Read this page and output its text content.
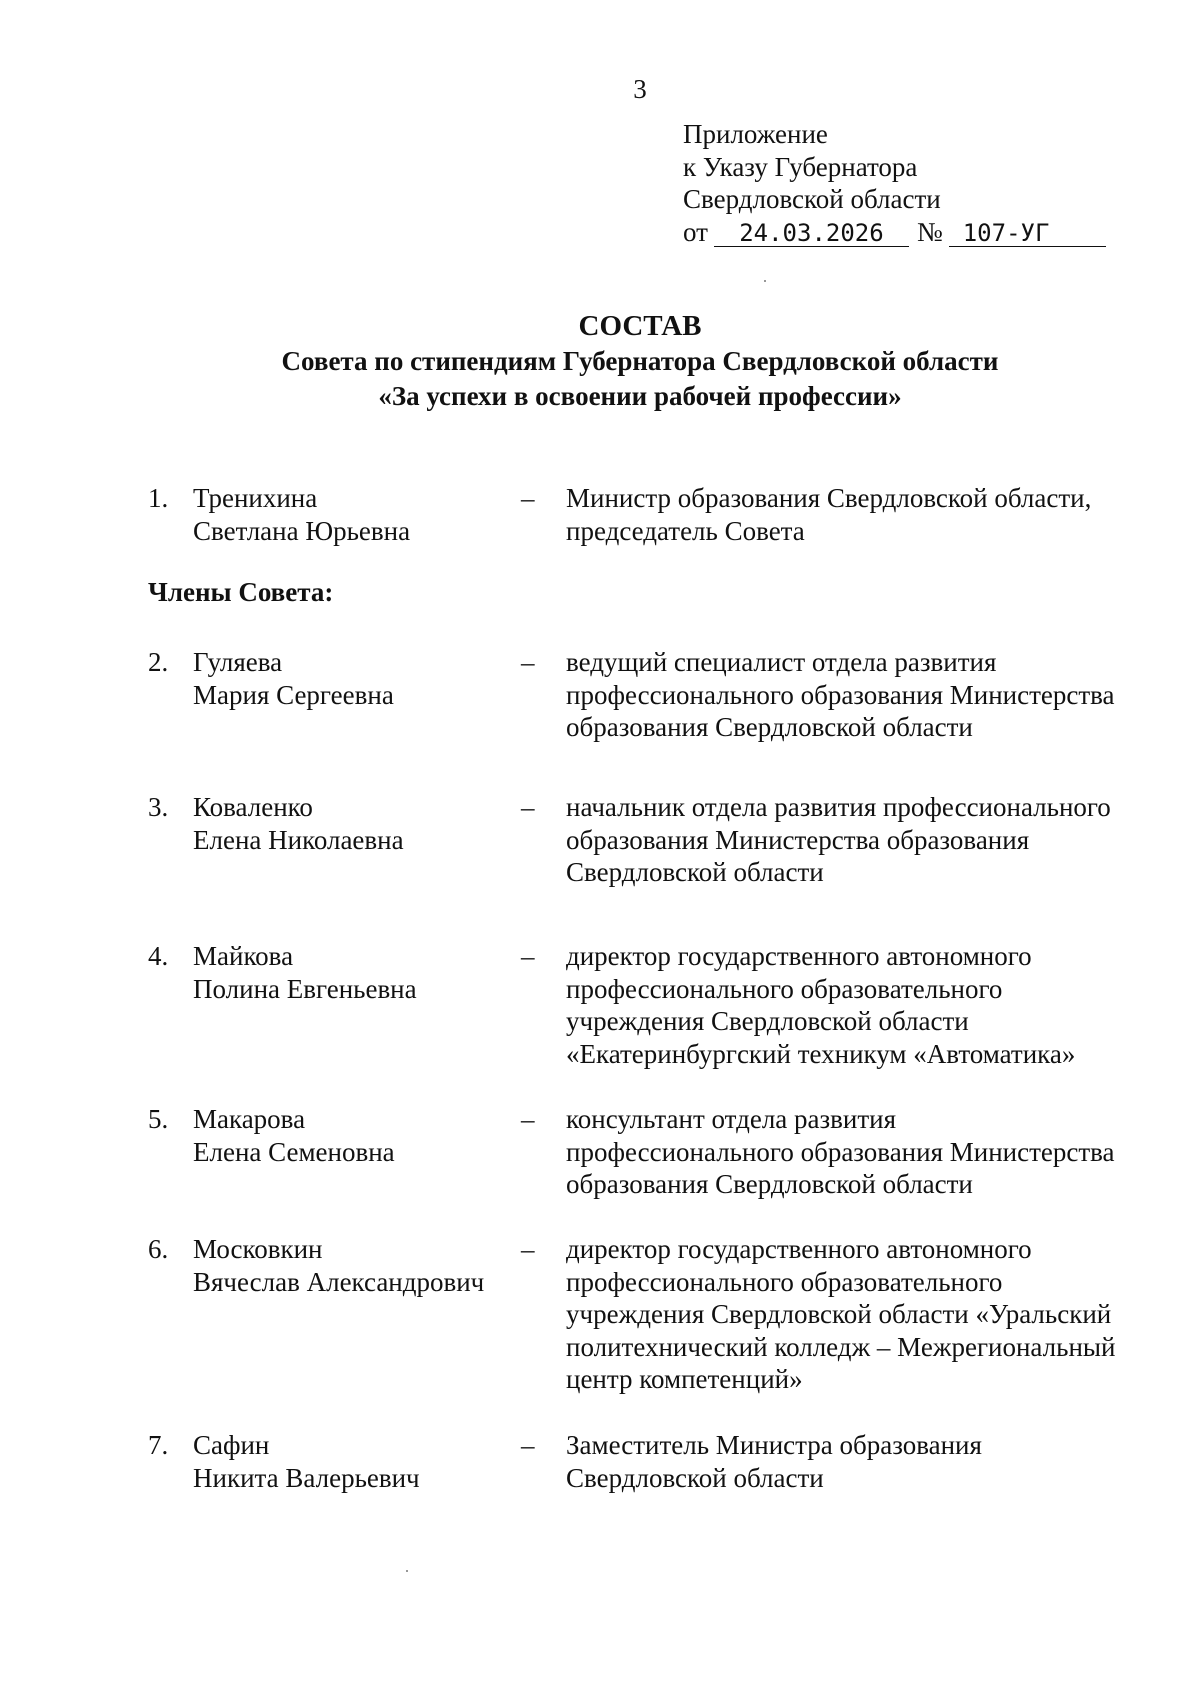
3
Приложение
к Указу Губернатора
Свердловской области
от 24.03.2026 № 107-УГ
СОСТАВ
Совета по стипендиям Губернатора Свердловской области
«За успехи в освоении рабочей профессии»
1. Тренихина
Светлана Юрьевна
– Министр образования Свердловской области,
председатель Совета
Члены Совета:
2. Гуляева
Мария Сергеевна
– ведущий специалист отдела развития
профессионального образования Министерства
образования Свердловской области
3. Коваленко
Елена Николаевна
– начальник отдела развития профессионального
образования Министерства образования
Свердловской области
4. Майкова
Полина Евгеньевна
– директор государственного автономного
профессионального образовательного
учреждения Свердловской области
«Екатеринбургский техникум «Автоматика»
5. Макарова
Елена Семеновна
– консультант отдела развития
профессионального образования Министерства
образования Свердловской области
6. Московкин
Вячеслав Александрович
– директор государственного автономного
профессионального образовательного
учреждения Свердловской области «Уральский
политехнический колледж – Межрегиональный
центр компетенций»
7. Сафин
Никита Валерьевич
– Заместитель Министра образования
Свердловской области
